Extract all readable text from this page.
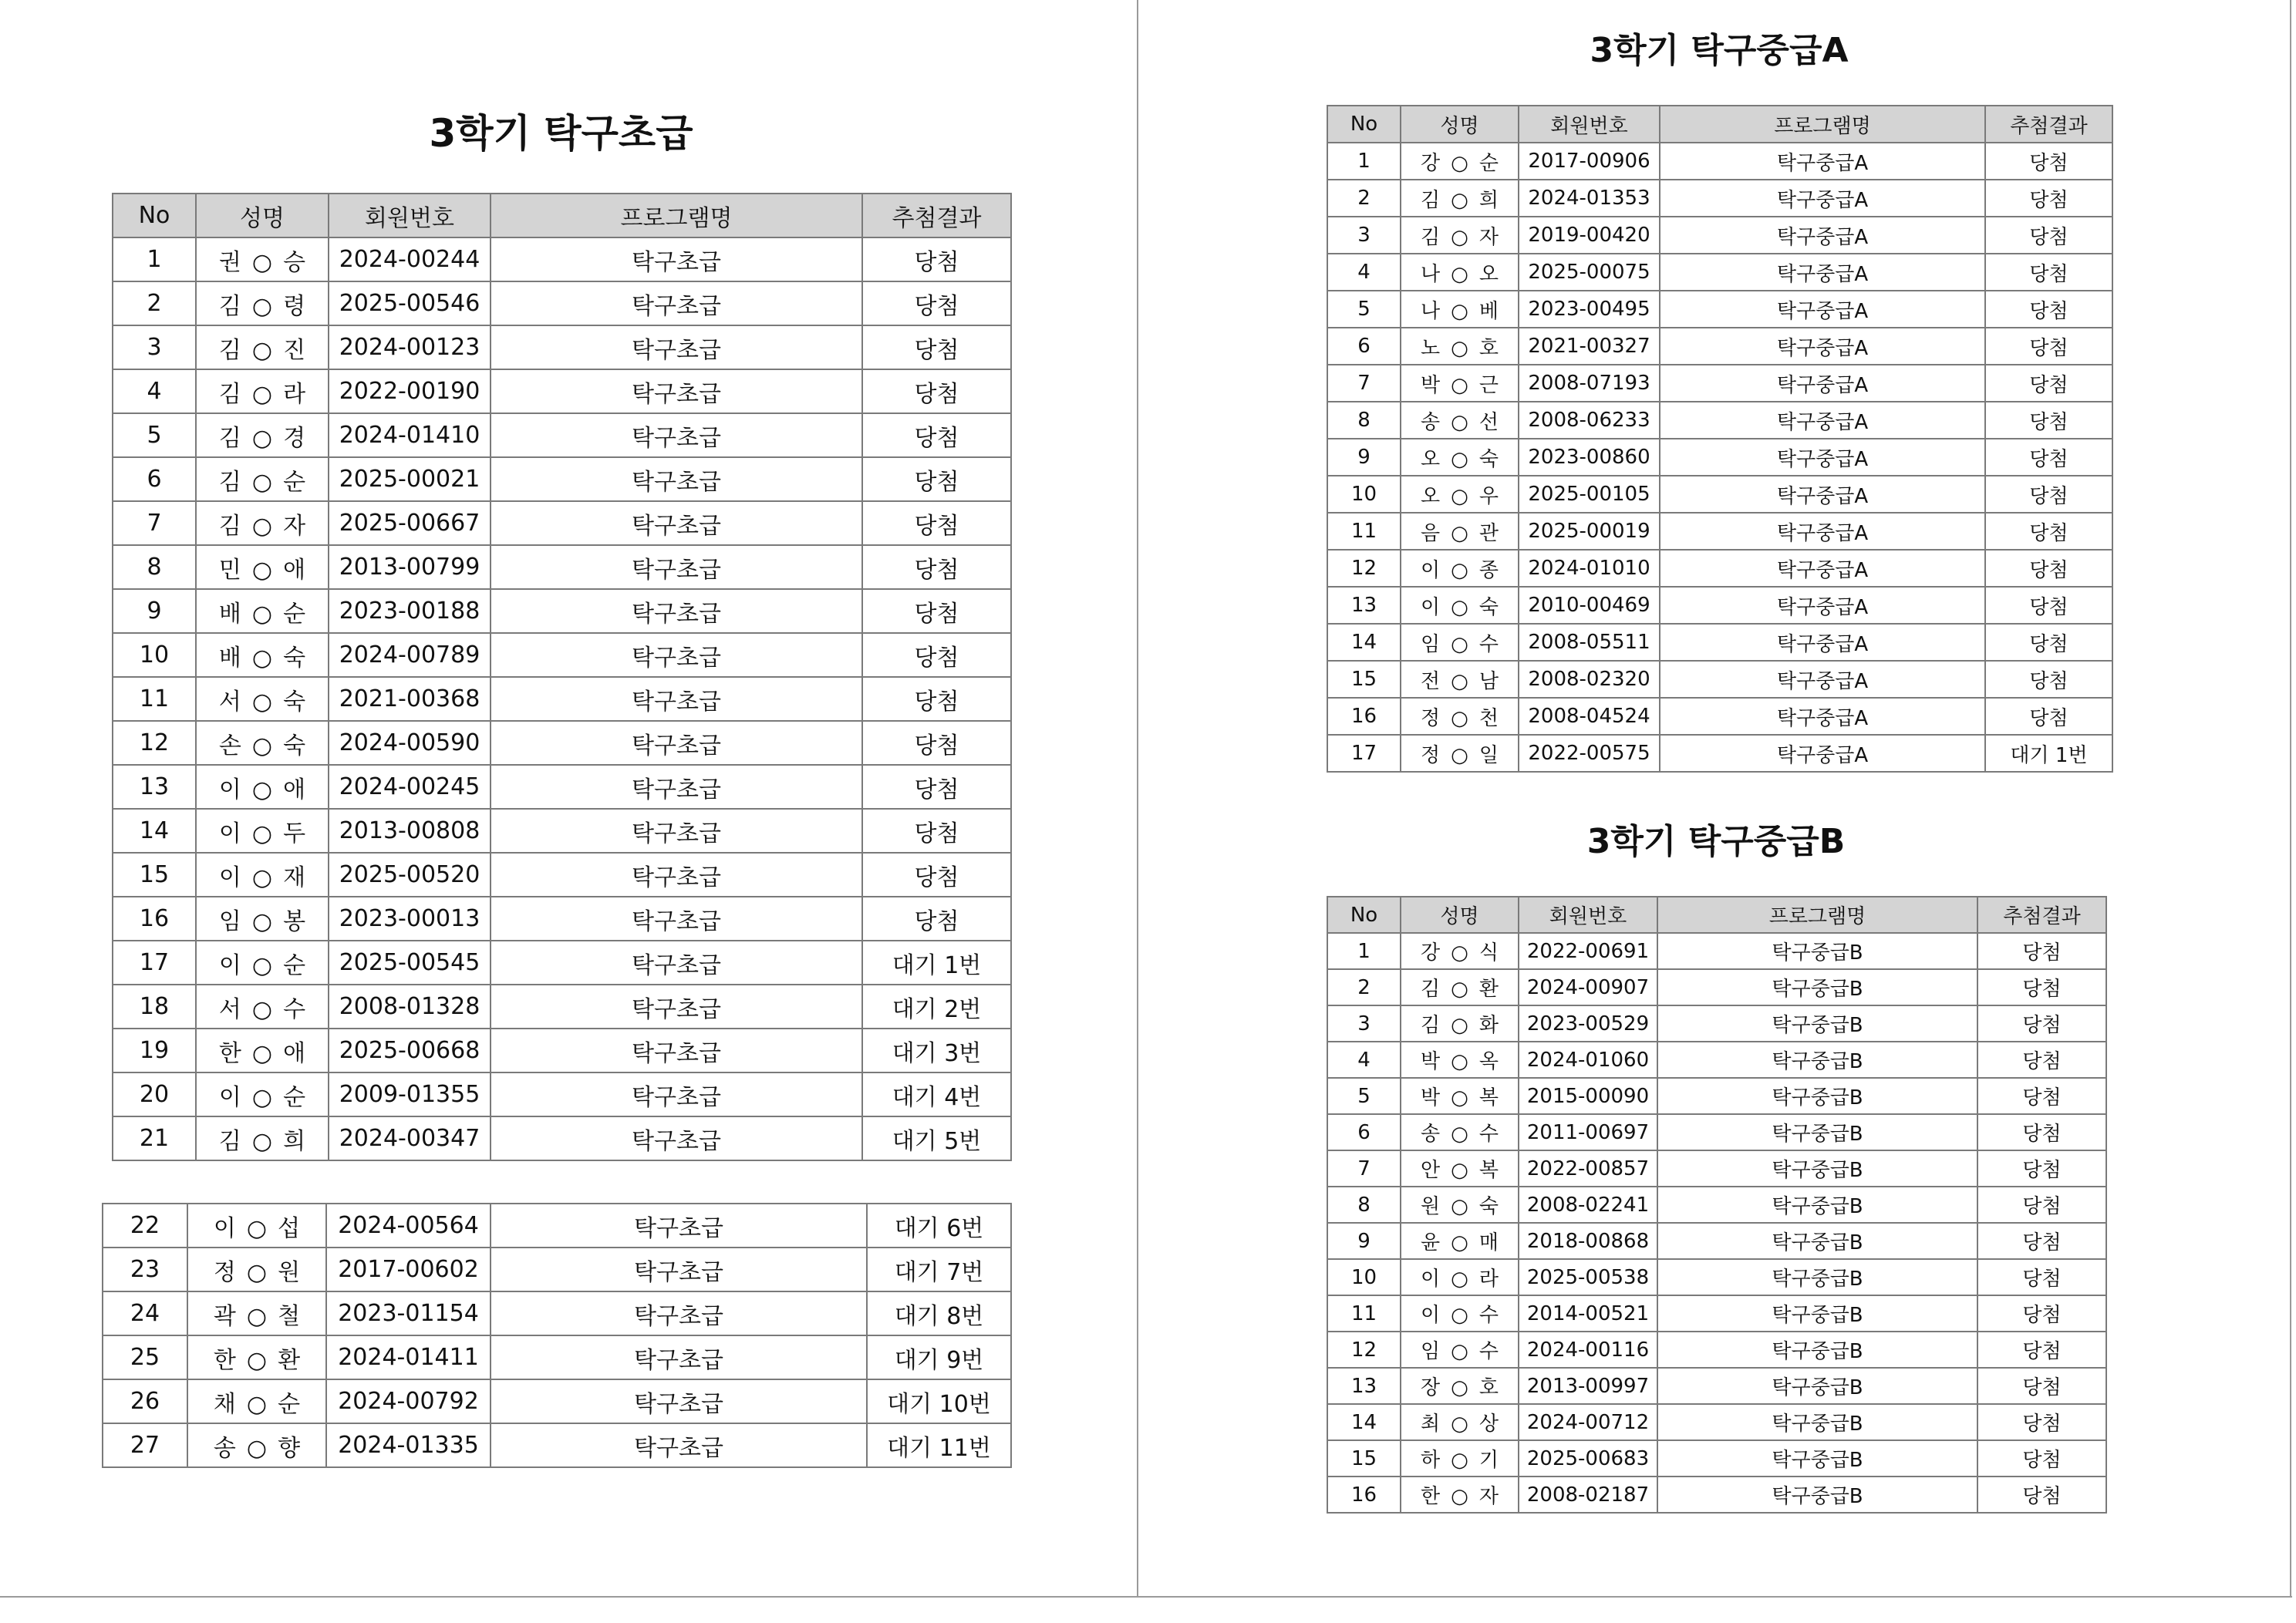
3학기 탁구초급
No	성명	회원번호	프로그램명	추첨결과
1	권 ○ 승	2024-00244	탁구초급	당첨
2	김 ○ 령	2025-00546	탁구초급	당첨
3	김 ○ 진	2024-00123	탁구초급	당첨
4	김 ○ 라	2022-00190	탁구초급	당첨
5	김 ○ 경	2024-01410	탁구초급	당첨
6	김 ○ 순	2025-00021	탁구초급	당첨
7	김 ○ 자	2025-00667	탁구초급	당첨
8	민 ○ 애	2013-00799	탁구초급	당첨
9	배 ○ 순	2023-00188	탁구초급	당첨
10	배 ○ 숙	2024-00789	탁구초급	당첨
11	서 ○ 숙	2021-00368	탁구초급	당첨
12	손 ○ 숙	2024-00590	탁구초급	당첨
13	이 ○ 애	2024-00245	탁구초급	당첨
14	이 ○ 두	2013-00808	탁구초급	당첨
15	이 ○ 재	2025-00520	탁구초급	당첨
16	임 ○ 봉	2023-00013	탁구초급	당첨
17	이 ○ 순	2025-00545	탁구초급	대기 1번
18	서 ○ 수	2008-01328	탁구초급	대기 2번
19	한 ○ 애	2025-00668	탁구초급	대기 3번
20	이 ○ 순	2009-01355	탁구초급	대기 4번
21	김 ○ 희	2024-00347	탁구초급	대기 5번
22	이 ○ 섭	2024-00564	탁구초급	대기 6번
23	정 ○ 원	2017-00602	탁구초급	대기 7번
24	곽 ○ 철	2023-01154	탁구초급	대기 8번
25	한 ○ 환	2024-01411	탁구초급	대기 9번
26	채 ○ 순	2024-00792	탁구초급	대기 10번
27	송 ○ 향	2024-01335	탁구초급	대기 11번
3학기 탁구중급A
No	성명	회원번호	프로그램명	추첨결과
1	강 ○ 순	2017-00906	탁구중급A	당첨
2	김 ○ 희	2024-01353	탁구중급A	당첨
3	김 ○ 자	2019-00420	탁구중급A	당첨
4	나 ○ 오	2025-00075	탁구중급A	당첨
5	나 ○ 베	2023-00495	탁구중급A	당첨
6	노 ○ 호	2021-00327	탁구중급A	당첨
7	박 ○ 근	2008-07193	탁구중급A	당첨
8	송 ○ 선	2008-06233	탁구중급A	당첨
9	오 ○ 숙	2023-00860	탁구중급A	당첨
10	오 ○ 우	2025-00105	탁구중급A	당첨
11	음 ○ 관	2025-00019	탁구중급A	당첨
12	이 ○ 종	2024-01010	탁구중급A	당첨
13	이 ○ 숙	2010-00469	탁구중급A	당첨
14	임 ○ 수	2008-05511	탁구중급A	당첨
15	전 ○ 남	2008-02320	탁구중급A	당첨
16	정 ○ 천	2008-04524	탁구중급A	당첨
17	정 ○ 일	2022-00575	탁구중급A	대기 1번
3학기 탁구중급B
No	성명	회원번호	프로그램명	추첨결과
1	강 ○ 식	2022-00691	탁구중급B	당첨
2	김 ○ 환	2024-00907	탁구중급B	당첨
3	김 ○ 화	2023-00529	탁구중급B	당첨
4	박 ○ 옥	2024-01060	탁구중급B	당첨
5	박 ○ 복	2015-00090	탁구중급B	당첨
6	송 ○ 수	2011-00697	탁구중급B	당첨
7	안 ○ 복	2022-00857	탁구중급B	당첨
8	원 ○ 숙	2008-02241	탁구중급B	당첨
9	윤 ○ 매	2018-00868	탁구중급B	당첨
10	이 ○ 라	2025-00538	탁구중급B	당첨
11	이 ○ 수	2014-00521	탁구중급B	당첨
12	임 ○ 수	2024-00116	탁구중급B	당첨
13	장 ○ 호	2013-00997	탁구중급B	당첨
14	최 ○ 상	2024-00712	탁구중급B	당첨
15	하 ○ 기	2025-00683	탁구중급B	당첨
16	한 ○ 자	2008-02187	탁구중급B	당첨
